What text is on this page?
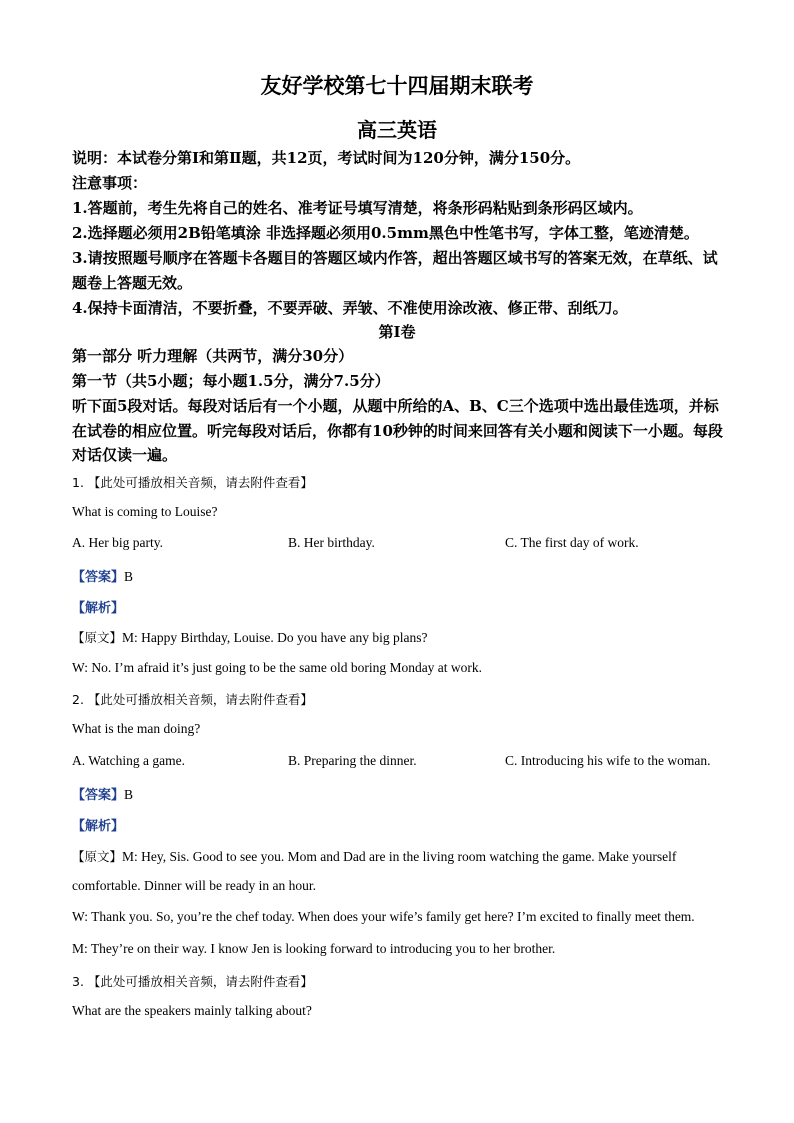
友好学校第七十四届期末联考
高三英语
说明：本试卷分第Ⅰ和第Ⅱ题，共12页，考试时间为120分钟，满分150分。
注意事项：
1.答题前，考生先将自己的姓名、准考证号填写清楚，将条形码粘贴到条形码区域内。
2.选择题必须用2B铅笔填涂 非选择题必须用0.5mm黑色中性笔书写，字体工整，笔迹清楚。
3.请按照题号顺序在答题卡各题目的答题区域内作答，超出答题区域书写的答案无效，在草纸、试题卷上答题无效。
4.保持卡面清洁，不要折叠，不要弄破、弄皱、不准使用涂改液、修正带、刮纸刀。
第Ⅰ卷
第一部分 听力理解（共两节，满分30分）
第一节（共5小题；每小题1.5分，满分7.5分）
听下面5段对话。每段对话后有一个小题，从题中所给的A、B、C三个选项中选出最佳选项，并标在试卷的相应位置。听完每段对话后，你都有10秒钟的时间来回答有关小题和阅读下一小题。每段对话仅读一遍。
1. 【此处可播放相关音频，请去附件查看】
What is coming to Louise?
A. Her big party.	B. Her birthday.	C. The first day of work.
【答案】B
【解析】
【原文】M: Happy Birthday, Louise. Do you have any big plans?
W: No. I’m afraid it’s just going to be the same old boring Monday at work.
2. 【此处可播放相关音频，请去附件查看】
What is the man doing?
A. Watching a game.	B. Preparing the dinner.	C. Introducing his wife to the woman.
【答案】B
【解析】
【原文】M: Hey, Sis. Good to see you. Mom and Dad are in the living room watching the game. Make yourself
comfortable. Dinner will be ready in an hour.
W: Thank you. So, you’re the chef today. When does your wife’s family get here? I’m excited to finally meet them.
M: They’re on their way. I know Jen is looking forward to introducing you to her brother.
3. 【此处可播放相关音频，请去附件查看】
What are the speakers mainly talking about?
